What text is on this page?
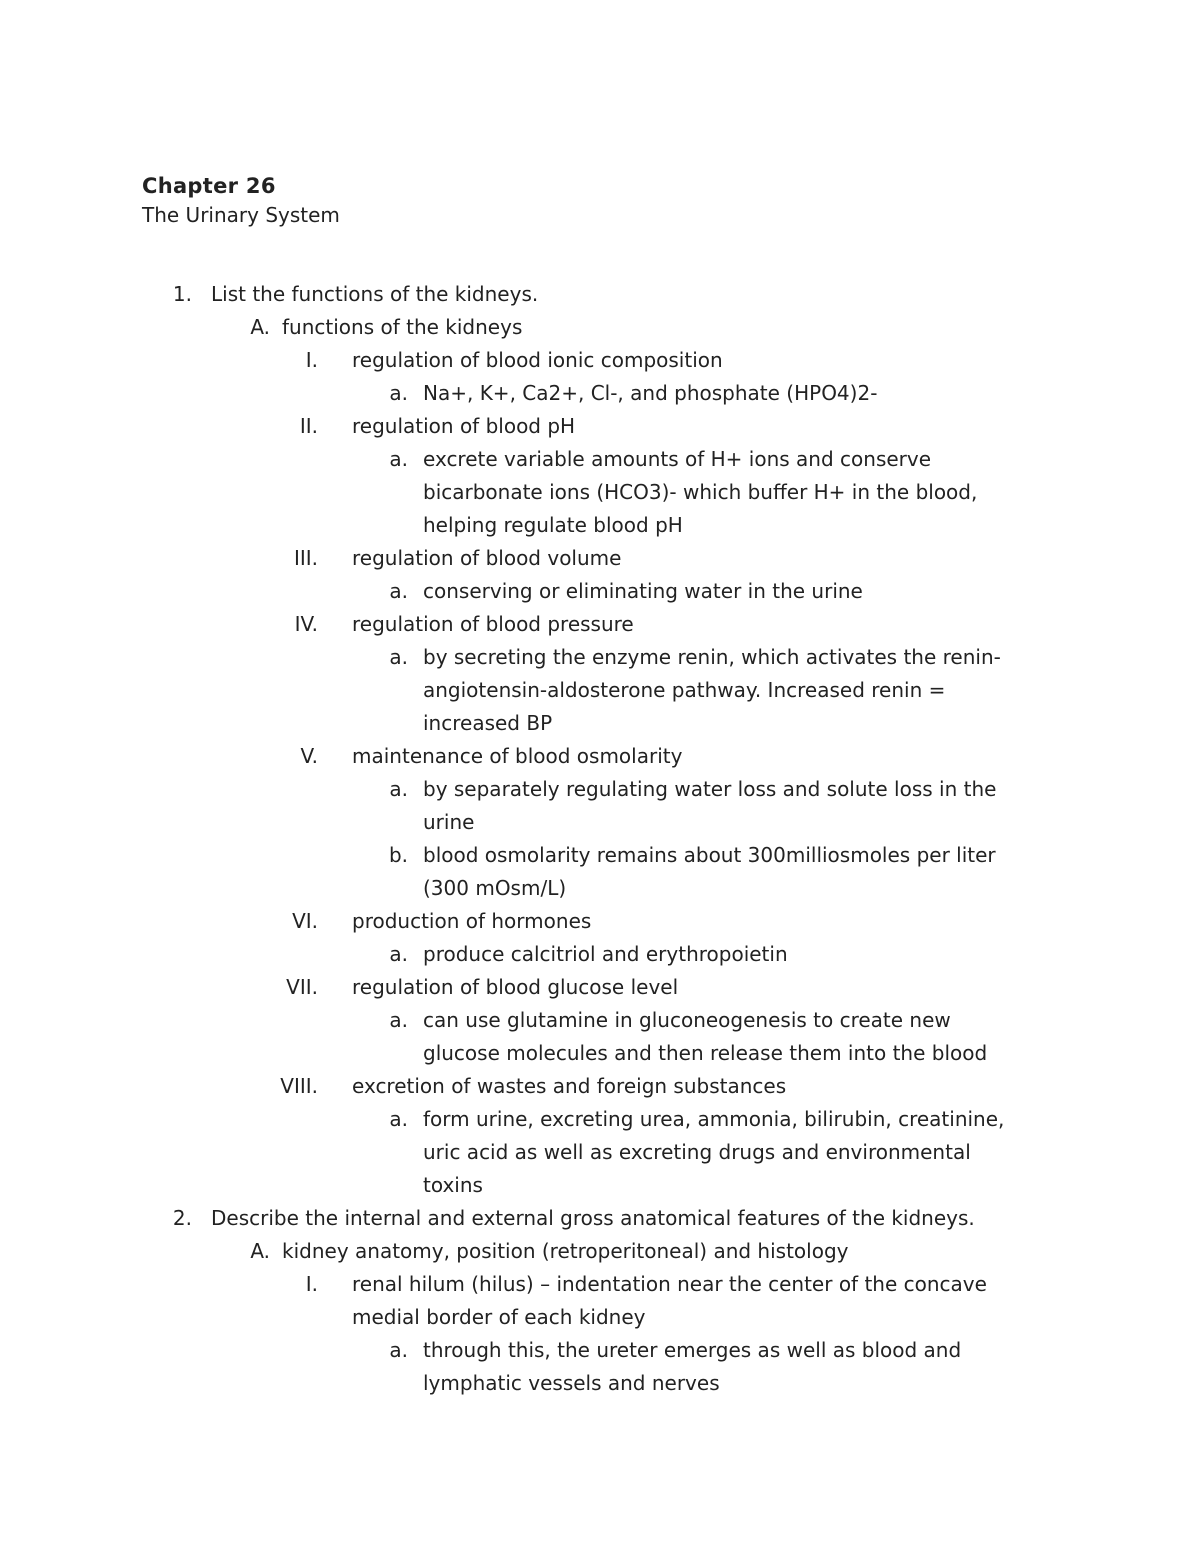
Chapter 26
The Urinary System
1. List the functions of the kidneys.
A. functions of the kidneys
I. regulation of blood ionic composition
a. Na+, K+, Ca2+, Cl-, and phosphate (HPO4)2-
II. regulation of blood pH
a. excrete variable amounts of H+ ions and conserve
bicarbonate ions (HCO3)- which buffer H+ in the blood,
helping regulate blood pH
III. regulation of blood volume
a. conserving or eliminating water in the urine
IV. regulation of blood pressure
a. by secreting the enzyme renin, which activates the renin-
angiotensin-aldosterone pathway. Increased renin =
increased BP
V. maintenance of blood osmolarity
a. by separately regulating water loss and solute loss in the
urine
b. blood osmolarity remains about 300milliosmoles per liter
(300 mOsm/L)
VI. production of hormones
a. produce calcitriol and erythropoietin
VII. regulation of blood glucose level
a. can use glutamine in gluconeogenesis to create new
glucose molecules and then release them into the blood
VIII. excretion of wastes and foreign substances
a. form urine, excreting urea, ammonia, bilirubin, creatinine,
uric acid as well as excreting drugs and environmental
toxins
2. Describe the internal and external gross anatomical features of the kidneys.
A. kidney anatomy, position (retroperitoneal) and histology
I. renal hilum (hilus) – indentation near the center of the concave
medial border of each kidney
a. through this, the ureter emerges as well as blood and
lymphatic vessels and nerves
